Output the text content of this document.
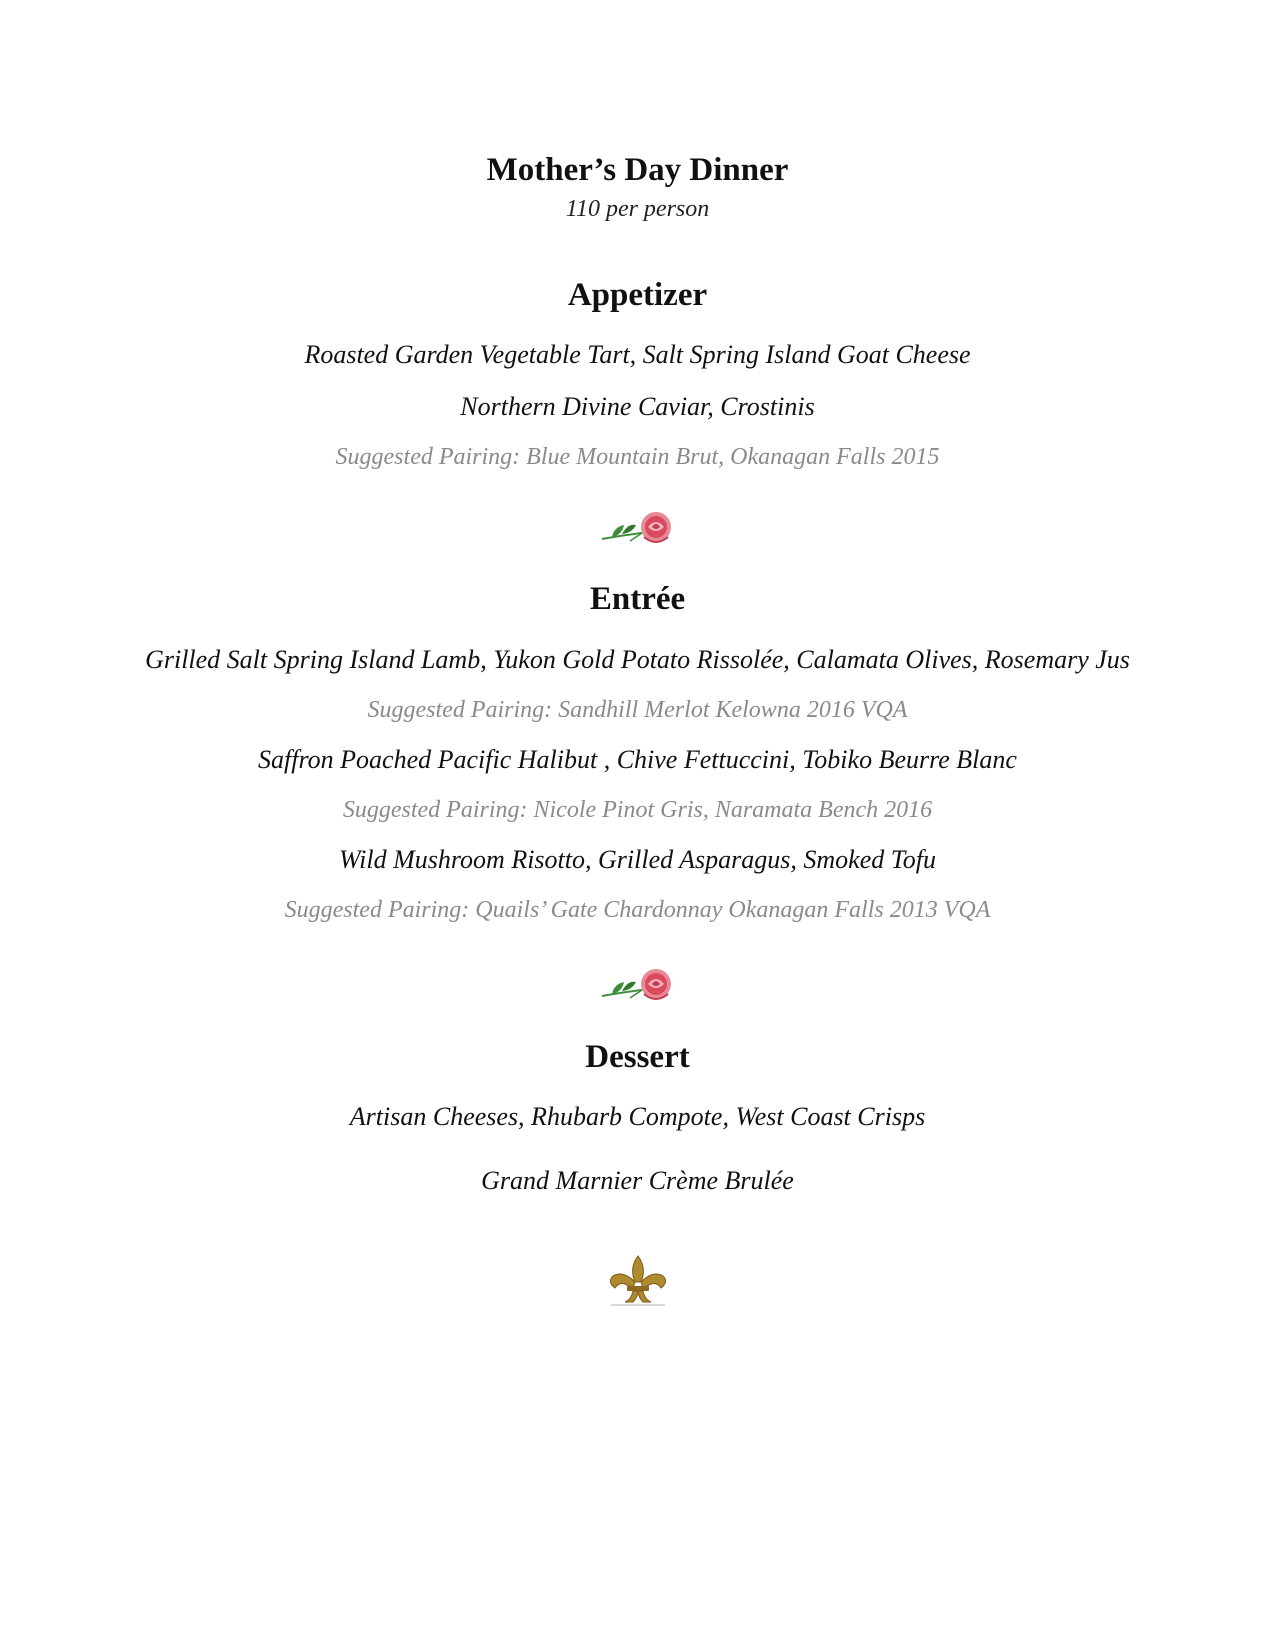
Mother’s Day Dinner
110 per person
Appetizer
Roasted Garden Vegetable Tart, Salt Spring Island Goat Cheese
Northern Divine Caviar, Crostinis
Suggested Pairing: Blue Mountain Brut, Okanagan Falls 2015
Entrée
Grilled Salt Spring Island Lamb, Yukon Gold Potato Rissolée, Calamata Olives, Rosemary Jus
Suggested Pairing: Sandhill Merlot Kelowna 2016 VQA
Saffron Poached Pacific Halibut , Chive Fettuccini, Tobiko Beurre Blanc
Suggested Pairing: Nicole Pinot Gris, Naramata Bench 2016
Wild Mushroom Risotto, Grilled Asparagus, Smoked Tofu
Suggested Pairing: Quails’ Gate Chardonnay Okanagan Falls 2013 VQA
Dessert
Artisan Cheeses, Rhubarb Compote, West Coast Crisps
Grand Marnier Crème Brulée
